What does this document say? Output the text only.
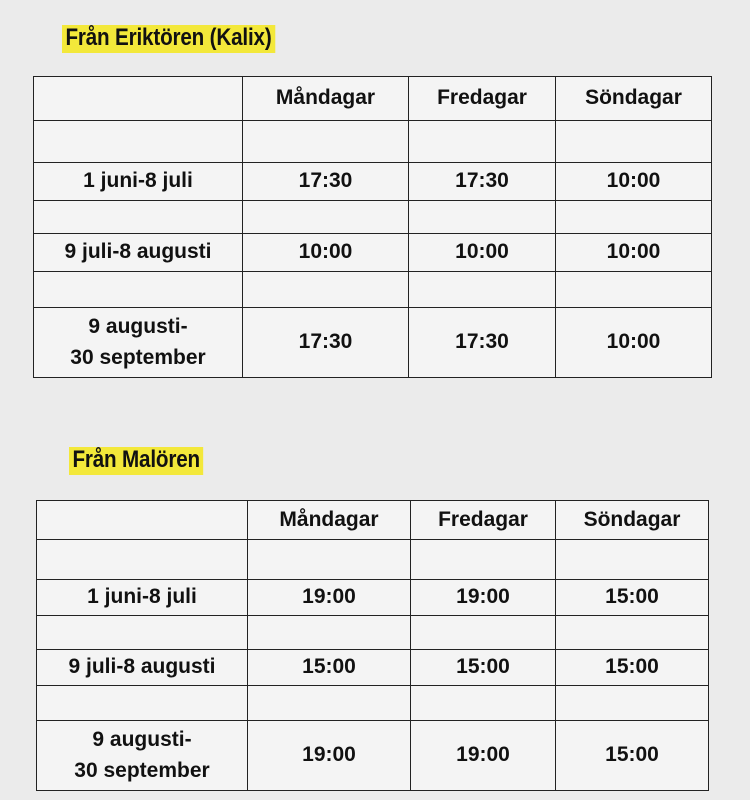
Från Eriktören (Kalix)
	Måndagar	Fredagar	Söndagar

1 juni-8 juli	17:30	17:30	10:00

9 juli-8 augusti	10:00	10:00	10:00

9 augusti-
30 september	17:30	17:30	10:00
Från Malören
	Måndagar	Fredagar	Söndagar

1 juni-8 juli	19:00	19:00	15:00

9 juli-8 augusti	15:00	15:00	15:00

9 augusti-
30 september	19:00	19:00	15:00
